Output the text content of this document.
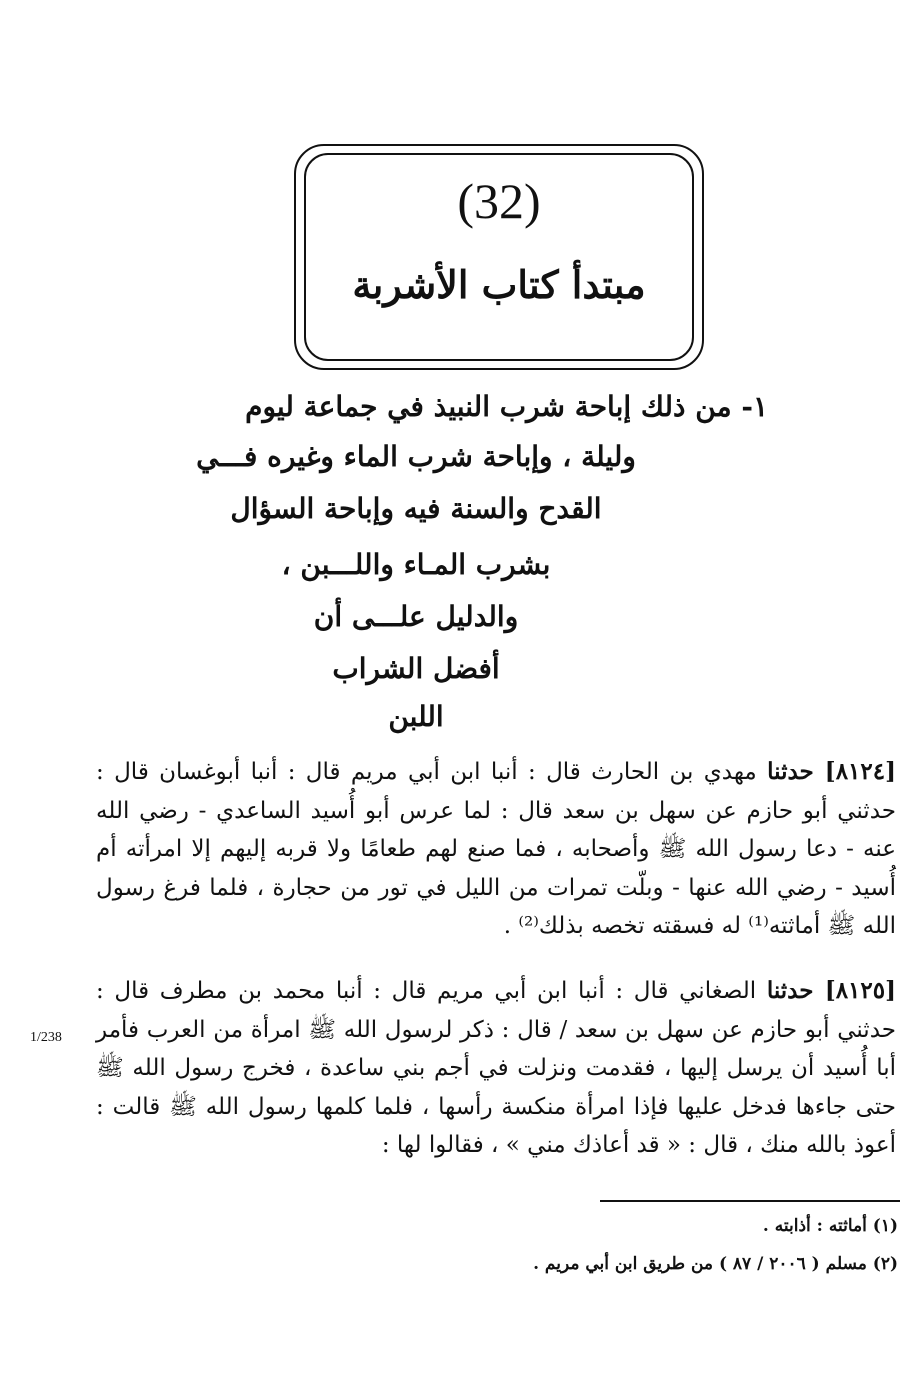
(32)
مبتدأ كتاب الأشربة
١- من ذلك إباحة شرب النبيذ في جماعة ليوم
وليلة ، وإباحة شرب الماء وغيره فـــي
القدح والسنة فيه وإباحة السؤال
بشرب المـاء واللـــبن ،
والدليل علـــى أن
أفضل الشراب
اللبن
[٨١٢٤] حدثنا مهدي بن الحارث قال : أنبا ابن أبي مريم قال : أنبا أبوغسان قال : حدثني أبو حازم عن سهل بن سعد قال : لما عرس أبو أُسيد الساعدي - رضي الله عنه - دعا رسول الله ﷺ وأصحابه ، فما صنع لهم طعامًا ولا قربه إليهم إلا امرأته أم أُسيد - رضي الله عنها - وبلّت تمرات من الليل في تور من حجارة ، فلما فرغ رسول الله ﷺ أماثته⁽¹⁾ له فسقته تخصه بذلك⁽²⁾ .
[٨١٢٥] حدثنا الصغاني قال : أنبا ابن أبي مريم قال : أنبا محمد بن مطرف قال : حدثني أبو حازم عن سهل بن سعد / قال : ذكر لرسول الله ﷺ امرأة من العرب فأمر أبا أُسيد أن يرسل إليها ، فقدمت ونزلت في أجم بني ساعدة ، فخرج رسول الله ﷺ حتى جاءها فدخل عليها فإذا امرأة منكسة رأسها ، فلما كلمها رسول الله ﷺ قالت : أعوذ بالله منك ، قال : « قد أعاذك مني » ، فقالوا لها :
1/238
(١) أماثته : أذابته .
(٢) مسلم ( ٢٠٠٦ / ٨٧ ) من طريق ابن أبي مريم .
